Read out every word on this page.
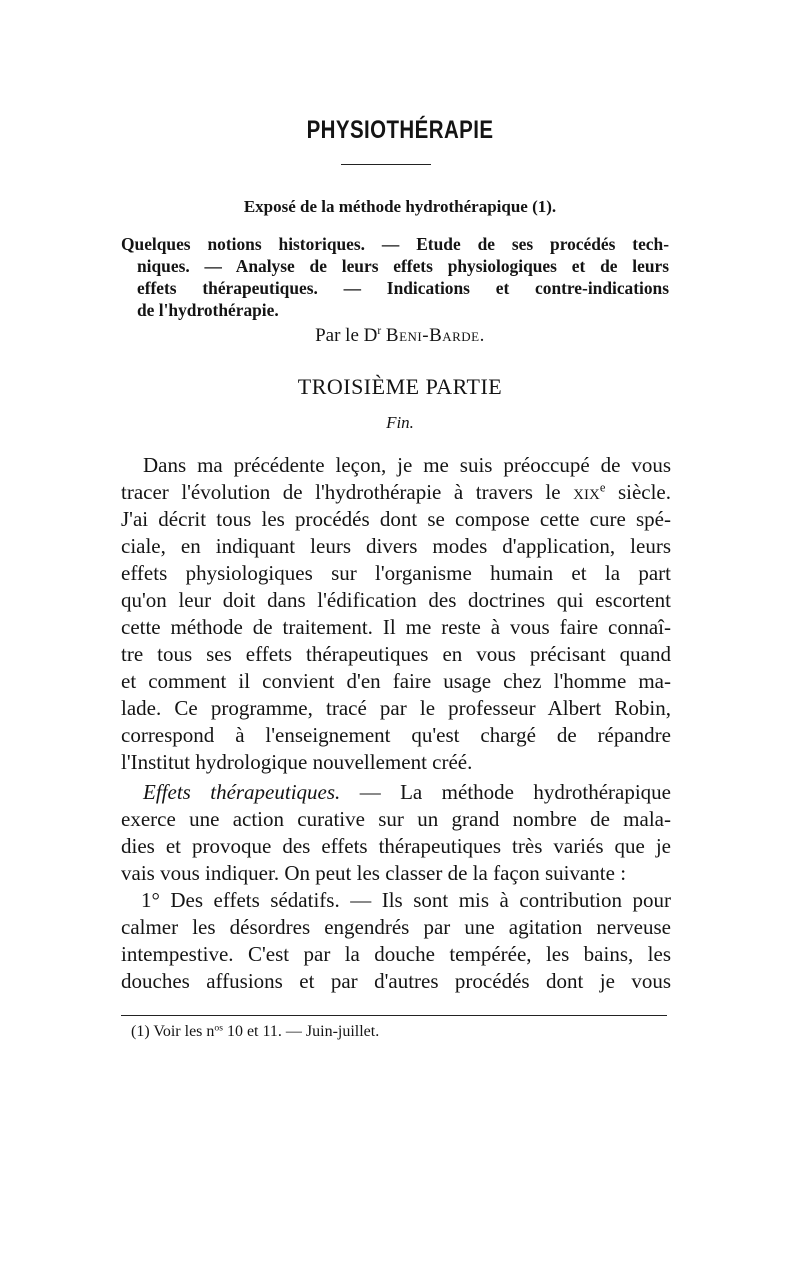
PHYSIOTHÉRAPIE
Exposé de la méthode hydrothérapique (1).
Quelques notions historiques. — Etude de ses procédés tech-
niques. — Analyse de leurs effets physiologiques et de leurs
effets thérapeutiques. — Indications et contre-indications
de l'hydrothérapie.
Par le $D^r$ Beni-Barde.
TROISIÈME PARTIE
Fin.
Dans ma précédente leçon, je me suis préoccupé de vous
tracer l'évolution de l'hydrothérapie à travers le xix$^e$ siècle.
J'ai décrit tous les procédés dont se compose cette cure spé-
ciale, en indiquant leurs divers modes d'application, leurs
effets physiologiques sur l'organisme humain et la part
qu'on leur doit dans l'édification des doctrines qui escortent
cette méthode de traitement. Il me reste à vous faire connaî-
tre tous ses effets thérapeutiques en vous précisant quand
et comment il convient d'en faire usage chez l'homme ma-
lade. Ce programme, tracé par le professeur Albert Robin,
correspond à l'enseignement qu'est chargé de répandre
l'Institut hydrologique nouvellement créé.
Effets thérapeutiques. — La méthode hydrothérapique
exerce une action curative sur un grand nombre de mala-
dies et provoque des effets thérapeutiques très variés que je
vais vous indiquer. On peut les classer de la façon suivante :
1° Des effets sédatifs. — Ils sont mis à contribution pour
calmer les désordres engendrés par une agitation nerveuse
intempestive. C'est par la douche tempérée, les bains, les
douches affusions et par d'autres procédés dont je vous
(1) Voir les $n^{os}$ 10 et 11. — Juin-juillet.
